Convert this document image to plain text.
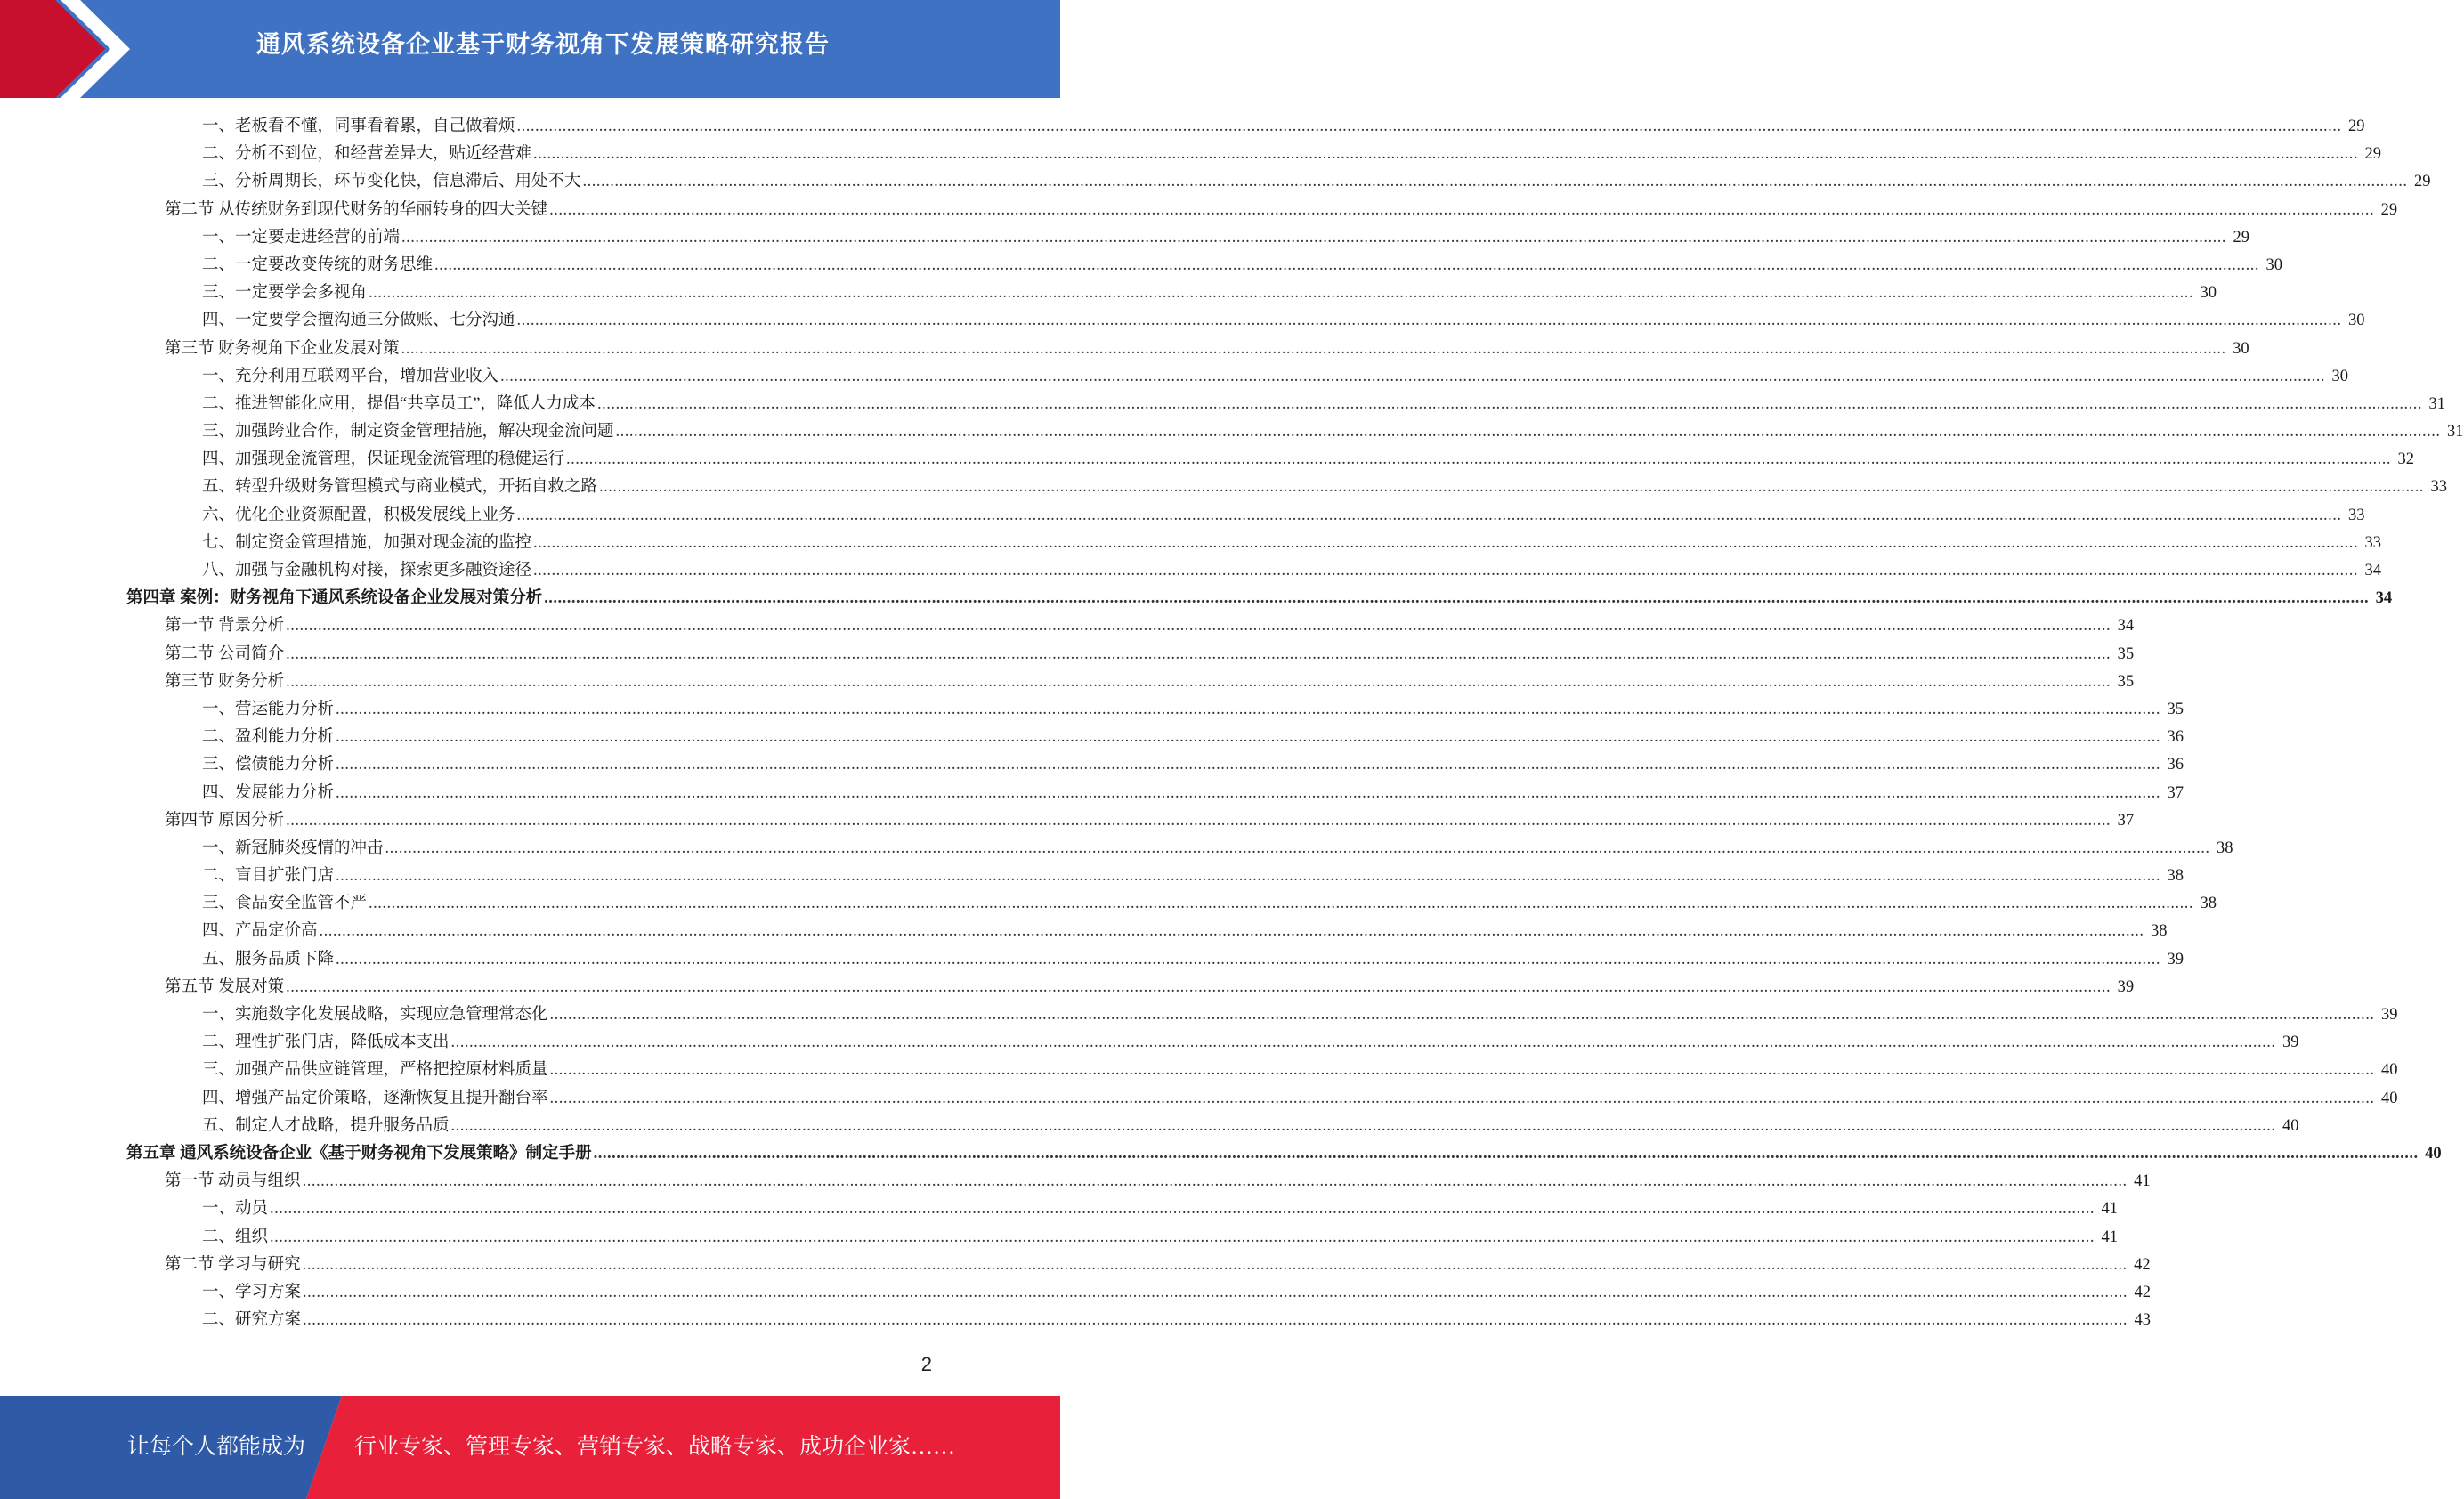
通风系统设备企业基于财务视角下发展策略研究报告
一、老板看不懂，同事看着累，自己做着烦 ................................................................................................................................................................................................................................................................................................................................................................................................................ 29
二、分析不到位，和经营差异大，贴近经营难 ................................................................................................................................................................................................................................................................................................................................................................................................................ 29
三、分析周期长，环节变化快，信息滞后、用处不大 ................................................................................................................................................................................................................................................................................................................................................................................................................ 29
第二节 从传统财务到现代财务的华丽转身的四大关键 ................................................................................................................................................................................................................................................................................................................................................................................................................ 29
一、一定要走进经营的前端 ................................................................................................................................................................................................................................................................................................................................................................................................................ 29
二、一定要改变传统的财务思维 ................................................................................................................................................................................................................................................................................................................................................................................................................ 30
三、一定要学会多视角 ................................................................................................................................................................................................................................................................................................................................................................................................................ 30
四、一定要学会擅沟通三分做账、七分沟通 ................................................................................................................................................................................................................................................................................................................................................................................................................ 30
第三节 财务视角下企业发展对策 ................................................................................................................................................................................................................................................................................................................................................................................................................ 30
一、充分利用互联网平台，增加营业收入 ................................................................................................................................................................................................................................................................................................................................................................................................................ 30
二、推进智能化应用，提倡“共享员工”，降低人力成本 ................................................................................................................................................................................................................................................................................................................................................................................................................ 31
三、加强跨业合作，制定资金管理措施，解决现金流问题 ................................................................................................................................................................................................................................................................................................................................................................................................................ 31
四、加强现金流管理，保证现金流管理的稳健运行 ................................................................................................................................................................................................................................................................................................................................................................................................................ 32
五、转型升级财务管理模式与商业模式，开拓自救之路 ................................................................................................................................................................................................................................................................................................................................................................................................................ 33
六、优化企业资源配置，积极发展线上业务 ................................................................................................................................................................................................................................................................................................................................................................................................................ 33
七、制定资金管理措施，加强对现金流的监控 ................................................................................................................................................................................................................................................................................................................................................................................................................ 33
八、加强与金融机构对接，探索更多融资途径 ................................................................................................................................................................................................................................................................................................................................................................................................................ 34
第四章 案例：财务视角下通风系统设备企业发展对策分析 ................................................................................................................................................................................................................................................................................................................................................................................................................ 34
第一节 背景分析 ................................................................................................................................................................................................................................................................................................................................................................................................................ 34
第二节 公司简介 ................................................................................................................................................................................................................................................................................................................................................................................................................ 35
第三节 财务分析 ................................................................................................................................................................................................................................................................................................................................................................................................................ 35
一、营运能力分析 ................................................................................................................................................................................................................................................................................................................................................................................................................ 35
二、盈利能力分析 ................................................................................................................................................................................................................................................................................................................................................................................................................ 36
三、偿债能力分析 ................................................................................................................................................................................................................................................................................................................................................................................................................ 36
四、发展能力分析 ................................................................................................................................................................................................................................................................................................................................................................................................................ 37
第四节 原因分析 ................................................................................................................................................................................................................................................................................................................................................................................................................ 37
一、新冠肺炎疫情的冲击 ................................................................................................................................................................................................................................................................................................................................................................................................................ 38
二、盲目扩张门店 ................................................................................................................................................................................................................................................................................................................................................................................................................ 38
三、食品安全监管不严 ................................................................................................................................................................................................................................................................................................................................................................................................................ 38
四、产品定价高 ................................................................................................................................................................................................................................................................................................................................................................................................................ 38
五、服务品质下降 ................................................................................................................................................................................................................................................................................................................................................................................................................ 39
第五节 发展对策 ................................................................................................................................................................................................................................................................................................................................................................................................................ 39
一、实施数字化发展战略，实现应急管理常态化 ................................................................................................................................................................................................................................................................................................................................................................................................................ 39
二、理性扩张门店，降低成本支出 ................................................................................................................................................................................................................................................................................................................................................................................................................ 39
三、加强产品供应链管理，严格把控原材料质量 ................................................................................................................................................................................................................................................................................................................................................................................................................ 40
四、增强产品定价策略，逐渐恢复且提升翻台率 ................................................................................................................................................................................................................................................................................................................................................................................................................ 40
五、制定人才战略，提升服务品质 ................................................................................................................................................................................................................................................................................................................................................................................................................ 40
第五章 通风系统设备企业《基于财务视角下发展策略》制定手册 ................................................................................................................................................................................................................................................................................................................................................................................................................ 40
第一节 动员与组织 ................................................................................................................................................................................................................................................................................................................................................................................................................ 41
一、动员 ................................................................................................................................................................................................................................................................................................................................................................................................................ 41
二、组织 ................................................................................................................................................................................................................................................................................................................................................................................................................ 41
第二节 学习与研究 ................................................................................................................................................................................................................................................................................................................................................................................................................ 42
一、学习方案 ................................................................................................................................................................................................................................................................................................................................................................................................................ 42
二、研究方案 ................................................................................................................................................................................................................................................................................................................................................................................................................ 43
2
让每个人都能成为 行业专家、管理专家、营销专家、战略专家、成功企业家……
